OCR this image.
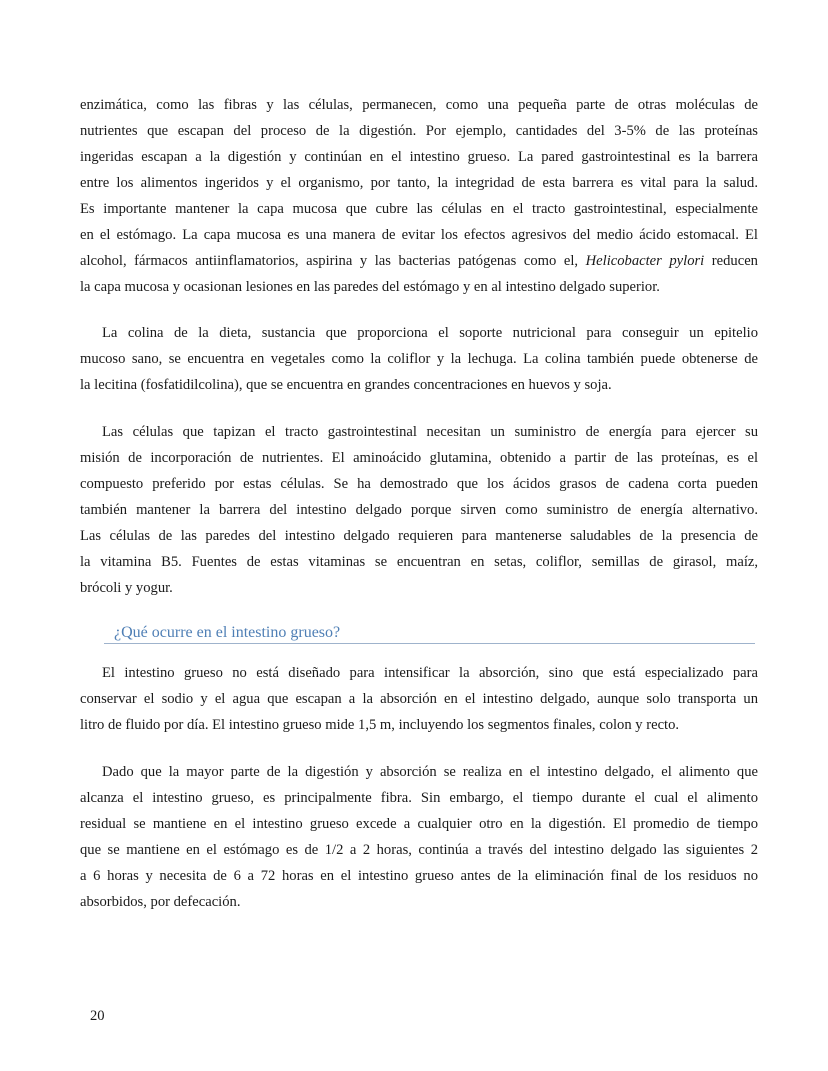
enzimática, como las fibras y las células, permanecen, como una pequeña parte de otras moléculas de
nutrientes que escapan del proceso de la digestión. Por ejemplo, cantidades del 3-5% de las proteínas
ingeridas escapan a la digestión y continúan en el intestino grueso. La pared gastrointestinal es la barrera
entre los alimentos ingeridos y el organismo, por tanto, la integridad de esta barrera es vital para la salud.
Es importante mantener la capa mucosa que cubre las células en el tracto gastrointestinal, especialmente
en el estómago. La capa mucosa es una manera de evitar los efectos agresivos del medio ácido estomacal. El
alcohol, fármacos antiinflamatorios, aspirina y las bacterias patógenas como el, Helicobacter pylori reducen
la capa mucosa y ocasionan lesiones en las paredes del estómago y en al intestino delgado superior.
La colina de la dieta, sustancia que proporciona el soporte nutricional para conseguir un epitelio
mucoso sano, se encuentra en vegetales como la coliflor y la lechuga. La colina también puede obtenerse de
la lecitina (fosfatidilcolina), que se encuentra en grandes concentraciones en huevos y soja.
Las células que tapizan el tracto gastrointestinal necesitan un suministro de energía para ejercer su
misión de incorporación de nutrientes. El aminoácido glutamina, obtenido a partir de las proteínas, es el
compuesto preferido por estas células. Se ha demostrado que los ácidos grasos de cadena corta pueden
también mantener la barrera del intestino delgado porque sirven como suministro de energía alternativo.
Las células de las paredes del intestino delgado requieren para mantenerse saludables de la presencia de
la vitamina B5. Fuentes de estas vitaminas se encuentran en setas, coliflor, semillas de girasol, maíz,
brócoli y yogur.
¿Qué ocurre en el intestino grueso?
El intestino grueso no está diseñado para intensificar la absorción, sino que está especializado para
conservar el sodio y el agua que escapan a la absorción en el intestino delgado, aunque solo transporta un
litro de fluido por día. El intestino grueso mide 1,5 m, incluyendo los segmentos finales, colon y recto.
Dado que la mayor parte de la digestión y absorción se realiza en el intestino delgado, el alimento que
alcanza el intestino grueso, es principalmente fibra. Sin embargo, el tiempo durante el cual el alimento
residual se mantiene en el intestino grueso excede a cualquier otro en la digestión. El promedio de tiempo
que se mantiene en el estómago es de 1/2 a 2 horas, continúa a través del intestino delgado las siguientes 2
a 6 horas y necesita de 6 a 72 horas en el intestino grueso antes de la eliminación final de los residuos no
absorbidos, por defecación.
20
